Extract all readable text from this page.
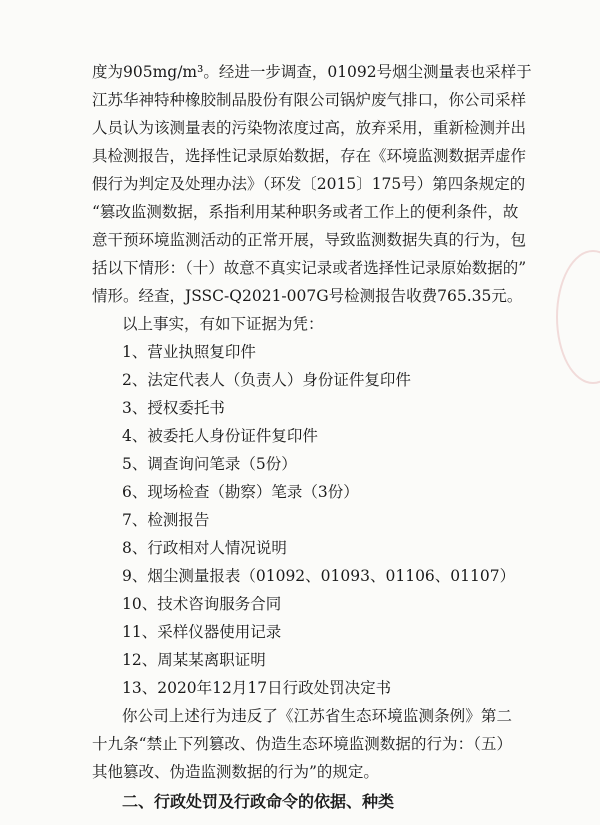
度为905mg/m³。经进一步调查，01092号烟尘测量表也采样于
江苏华神特种橡胶制品股份有限公司锅炉废气排口，你公司采样
人员认为该测量表的污染物浓度过高，放弃采用，重新检测并出
具检测报告，选择性记录原始数据，存在《环境监测数据弄虚作
假行为判定及处理办法》（环发〔2015〕175号）第四条规定的
“篡改监测数据，系指利用某种职务或者工作上的便利条件，故
意干预环境监测活动的正常开展，导致监测数据失真的行为，包
括以下情形：（十）故意不真实记录或者选择性记录原始数据的”
情形。经查，JSSC-Q2021-007G号检测报告收费765.35元。
以上事实，有如下证据为凭：
1、营业执照复印件
2、法定代表人（负责人）身份证件复印件
3、授权委托书
4、被委托人身份证件复印件
5、调查询问笔录（5份）
6、现场检查（勘察）笔录（3份）
7、检测报告
8、行政相对人情况说明
9、烟尘测量报表（01092、01093、01106、01107）
10、技术咨询服务合同
11、采样仪器使用记录
12、周某某离职证明
13、2020年12月17日行政处罚决定书
你公司上述行为违反了《江苏省生态环境监测条例》第二
十九条“禁止下列篡改、伪造生态环境监测数据的行为：（五）
其他篡改、伪造监测数据的行为”的规定。
二、行政处罚及行政命令的依据、种类
